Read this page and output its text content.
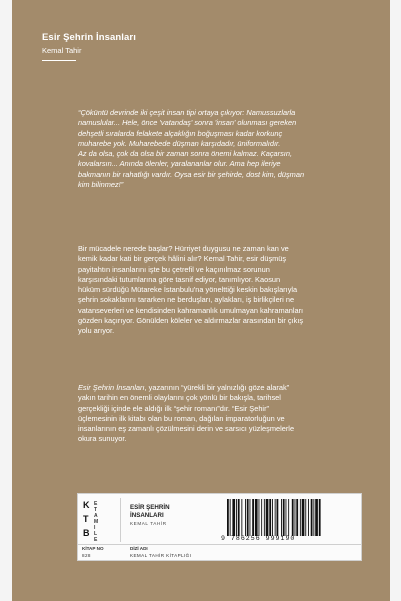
Esir Şehrin İnsanları
Kemal Tahir

“Çöküntü devrinde iki çeşit insan tipi ortaya çıkıyor: Namussuzlarla
namuslular... Hele, önce 'vatandaş' sonra 'insan' olunması gereken
dehşetli sıralarda felakete alçaklığın boğuşması kadar korkunç
muharebe yok. Muharebede düşman karşıdadır, üniformalıdır.
Az da olsa, çok da olsa bir zaman sonra önemi kalmaz. Kaçarsın,
kovalarsın... Anında ölenler, yaralananlar olur. Ama hep ileriye
bakmanın bir rahatlığı vardır. Oysa esir bir şehirde, dost kim, düşman
kim bilinmez!”

Bir mücadele nerede başlar? Hürriyet duygusu ne zaman kan ve
kemik kadar kati bir gerçek hâlini alır? Kemal Tahir, esir düşmüş
payitahtın insanlarını işte bu çetrefil ve kaçınılmaz sorunun
karşısındaki tutumlarına göre tasnif ediyor, tanımlıyor. Kaosun
hüküm sürdüğü Mütareke İstanbulu'na yönelttiği keskin bakışlarıyla
şehrin sokaklarını tararken ne berduşları, aylakları, iş birlikçileri ne
vatanseverleri ve kendisinden kahramanlık umulmayan kahramanları
gözden kaçırıyor. Gönülden köleler ve aldırmazlar arasından bir çıkış
yolu arıyor.

Esir Şehrin İnsanları, yazarının “yürekli bir yalnızlığı göze alarak”
yakın tarihin en önemli olaylarını çok yönlü bir bakışla, tarihsel
gerçekliği içinde ele aldığı ilk “şehir romanı”dır. “Esir Şehir”
üçlemesinin ilk kitabı olan bu roman, dağılan imparatorluğun ve
insanlarının eş zamanlı çözülmesini derin ve sarsıcı yüzleşmelerle
okura sunuyor.

K
T
B
E
T
A
M
I
L
E
ESİR ŞEHRİN
İNSANLARI
KEMAL TAHİR
9 786256 999190
KİTAP NO	DİZİ ADI
828	KEMAL TAHİR KİTAPLIĞI
